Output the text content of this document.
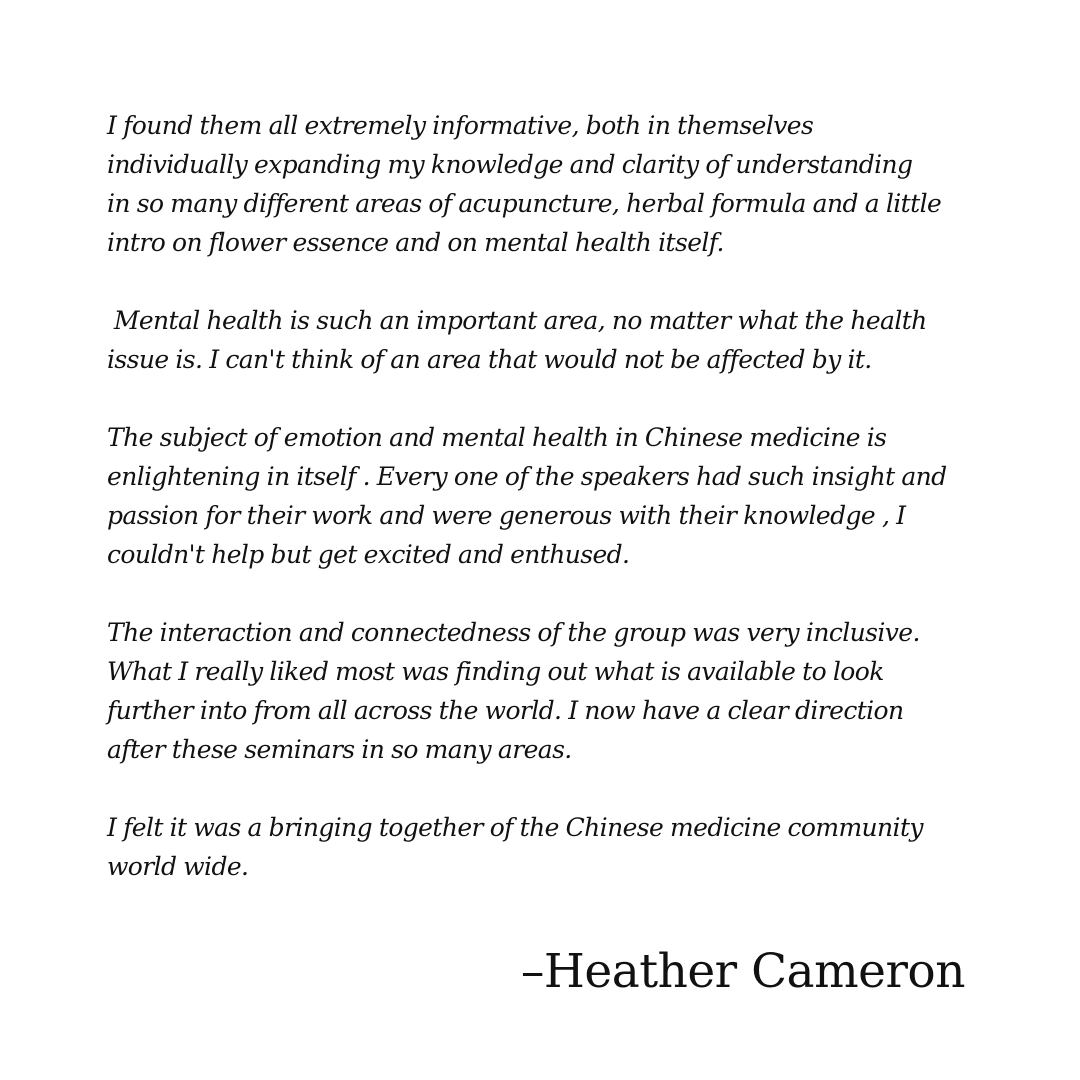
I found them all extremely informative, both in themselves
individually expanding my knowledge and clarity of understanding
in so many different areas of acupuncture, herbal formula and a little
intro on flower essence and on mental health itself.

Mental health is such an important area, no matter what the health
issue is. I can't think of an area that would not be affected by it.

The subject of emotion and mental health in Chinese medicine is
enlightening in itself . Every one of the speakers had such insight and
passion for their work and were generous with their knowledge , I
couldn't help but get excited and enthused.

The interaction and connectedness of the group was very inclusive.
What I really liked most was finding out what is available to look
further into from all across the world. I now have a clear direction
after these seminars in so many areas.

I felt it was a bringing together of the Chinese medicine community
world wide.

–Heather Cameron
